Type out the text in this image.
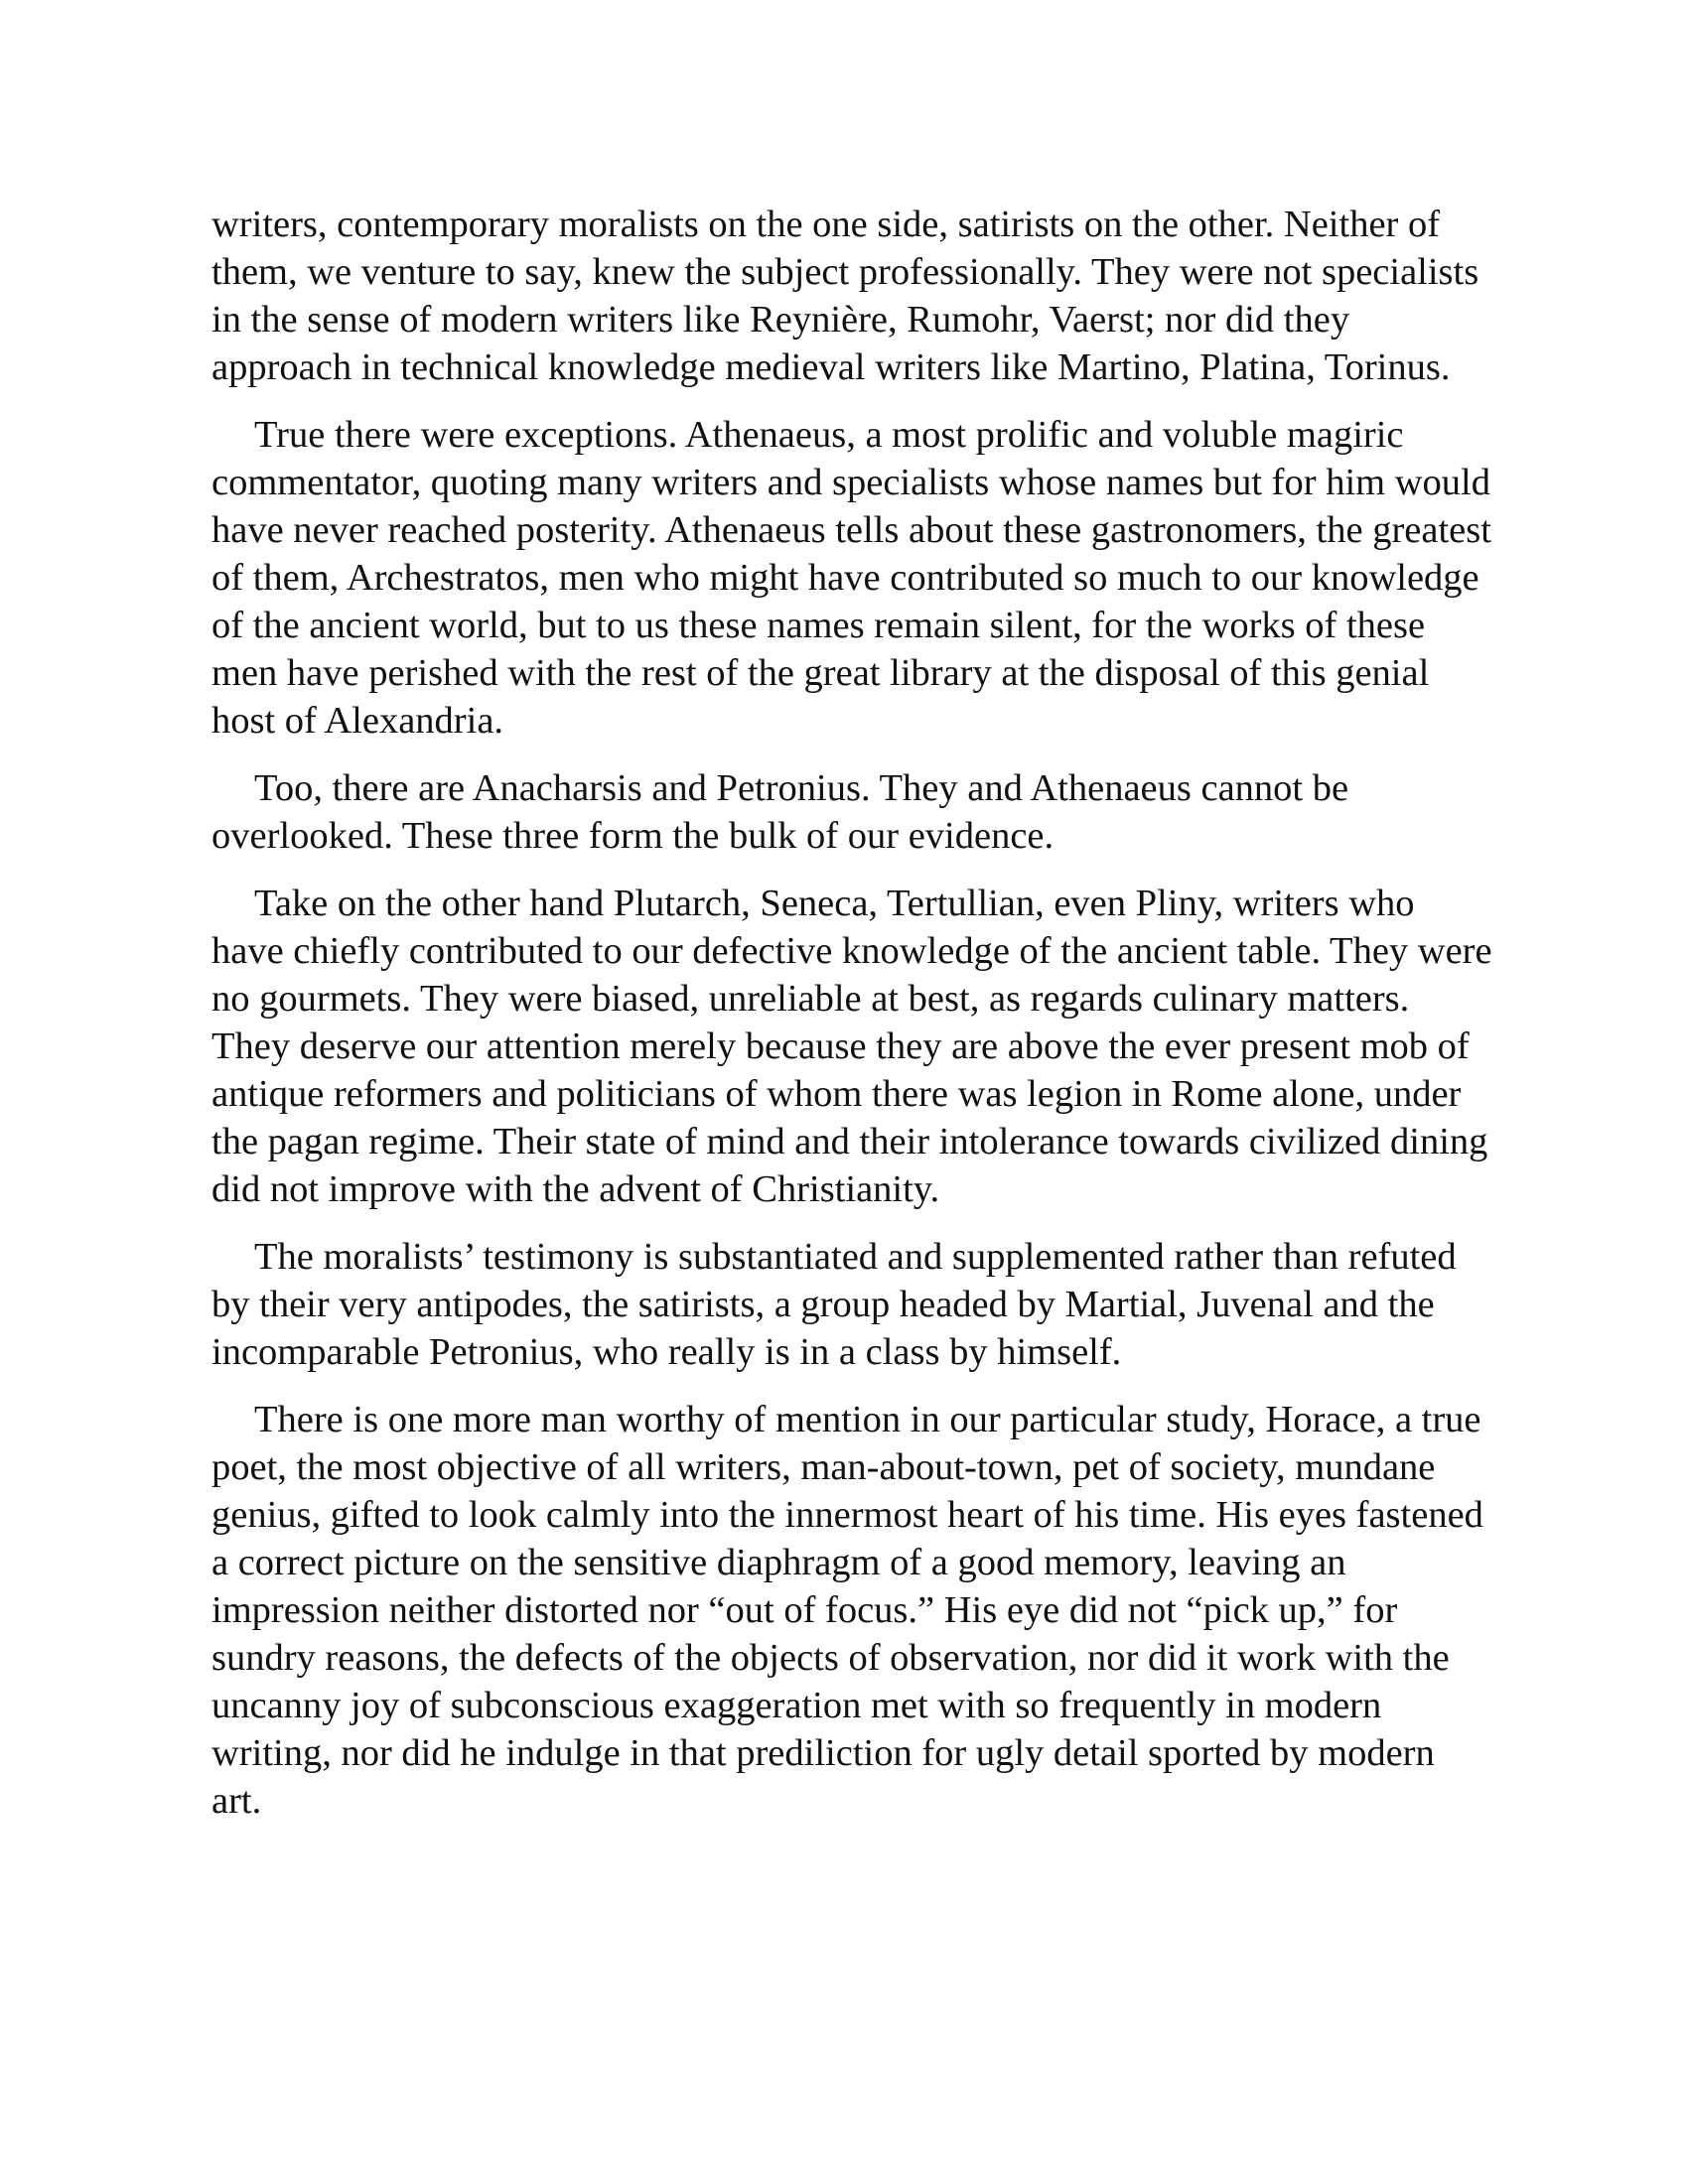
writers, contemporary moralists on the one side, satirists on the other. Neither of them, we venture to say, knew the subject professionally. They were not specialists in the sense of modern writers like Reynière, Rumohr, Vaerst; nor did they approach in technical knowledge medieval writers like Martino, Platina, Torinus.

True there were exceptions. Athenaeus, a most prolific and voluble magiric commentator, quoting many writers and specialists whose names but for him would have never reached posterity. Athenaeus tells about these gastronomers, the greatest of them, Archestratos, men who might have contributed so much to our knowledge of the ancient world, but to us these names remain silent, for the works of these men have perished with the rest of the great library at the disposal of this genial host of Alexandria.

Too, there are Anacharsis and Petronius. They and Athenaeus cannot be overlooked. These three form the bulk of our evidence.

Take on the other hand Plutarch, Seneca, Tertullian, even Pliny, writers who have chiefly contributed to our defective knowledge of the ancient table. They were no gourmets. They were biased, unreliable at best, as regards culinary matters. They deserve our attention merely because they are above the ever present mob of antique reformers and politicians of whom there was legion in Rome alone, under the pagan regime. Their state of mind and their intolerance towards civilized dining did not improve with the advent of Christianity.

The moralists’ testimony is substantiated and supplemented rather than refuted by their very antipodes, the satirists, a group headed by Martial, Juvenal and the incomparable Petronius, who really is in a class by himself.

There is one more man worthy of mention in our particular study, Horace, a true poet, the most objective of all writers, man-about-town, pet of society, mundane genius, gifted to look calmly into the innermost heart of his time. His eyes fastened a correct picture on the sensitive diaphragm of a good memory, leaving an impression neither distorted nor “out of focus.” His eye did not “pick up,” for sundry reasons, the defects of the objects of observation, nor did it work with the uncanny joy of subconscious exaggeration met with so frequently in modern writing, nor did he indulge in that prediliction for ugly detail sported by modern art.
